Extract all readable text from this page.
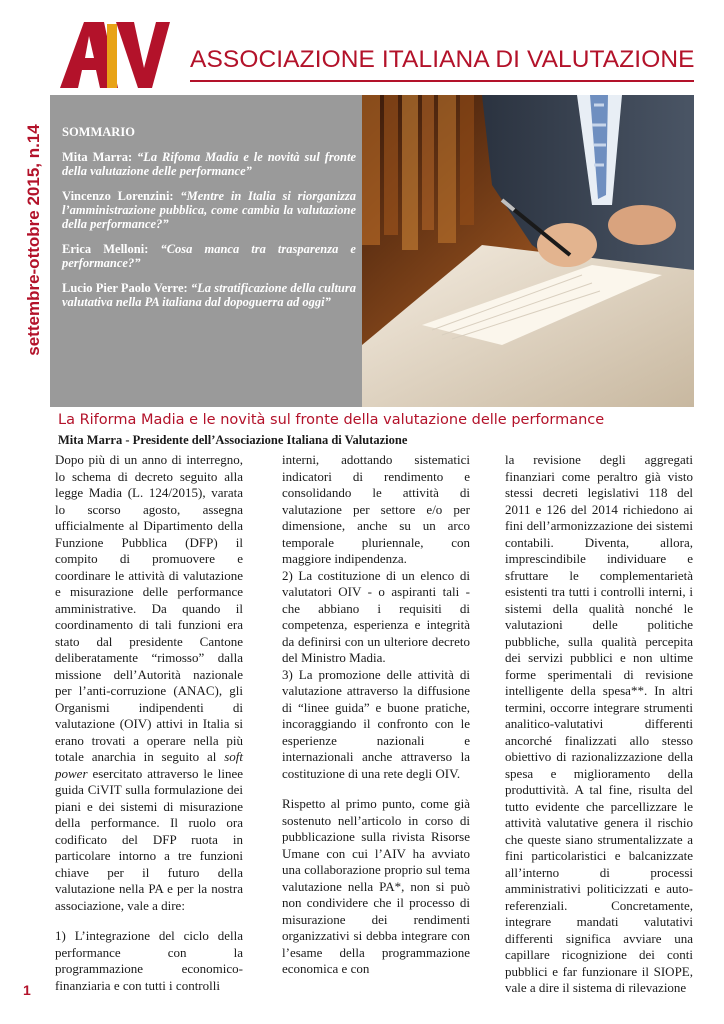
ASSOCIAZIONE ITALIANA DI VALUTAZIONE
settembre-ottobre 2015, n.14 SOMMARIO
Mita Marra: “La Rifoma Madia e le novità sul fronte della valutazione delle performance”
Vincenzo Lorenzini: “Mentre in Italia si riorganizza l’amministrazione pubblica, come cambia la valutazione della performance?”
Erica Melloni: “Cosa manca tra trasparenza e performance?”
Lucio Pier Paolo Verre: “La stratificazione della cultura valutativa nella PA italiana dal dopoguerra ad oggi”
La Riforma Madia e le novità sul fronte della valutazione delle performance
Mita Marra - Presidente dell’Associazione Italiana di Valutazione

Dopo più di un anno di interregno, lo schema di decreto seguito alla legge Madia (L. 124/2015), varata lo scorso agosto, assegna ufficialmente al Dipartimento della Funzione Pubblica (DFP) il compito di promuovere e coordinare le attività di valutazione e misurazione delle performance amministrative. Da quando il coordinamento di tali funzioni era stato dal presidente Cantone deliberatamente “rimosso” dalla missione dell’Autorità nazionale per l’anti-corruzione (ANAC), gli Organismi indipendenti di valutazione (OIV) attivi in Italia si erano trovati a operare nella più totale anarchia in seguito al soft power esercitato attraverso le linee guida CiVIT sulla formulazione dei piani e dei sistemi di misurazione della performance. Il ruolo ora codificato del DFP ruota in particolare intorno a tre funzioni chiave per il futuro della valutazione nella PA e per la nostra associazione, vale a dire:

1) L’integrazione del ciclo della performance con la programmazione economico-finanziaria e con tutti i controlli

interni, adottando sistematici indicatori di rendimento e consolidando le attività di valutazione per settore e/o per dimensione, anche su un arco temporale pluriennale, con maggiore indipendenza.

2) La costituzione di un elenco di valutatori OIV - o aspiranti tali - che abbiano i requisiti di competenza, esperienza e integrità da definirsi con un ulteriore decreto del Ministro Madia.

3) La promozione delle attività di valutazione attraverso la diffusione di “linee guida” e buone pratiche, incoraggiando il confronto con le esperienze nazionali e internazionali anche attraverso la costituzione di una rete degli OIV.

Rispetto al primo punto, come già sostenuto nell’articolo in corso di pubblicazione sulla rivista Risorse Umane con cui l’AIV ha avviato una collaborazione proprio sul tema valutazione nella PA*, non si può non condividere che il processo di misurazione dei rendimenti organizzativi si debba integrare con l’esame della programmazione economica e con

la revisione degli aggregati finanziari come peraltro già visto stessi decreti legislativi 118 del 2011 e 126 del 2014 richiedono ai fini dell’armonizzazione dei sistemi contabili. Diventa, allora, imprescindibile individuare e sfruttare le complementarietà esistenti tra tutti i controlli interni, i sistemi della qualità nonché le valutazioni delle politiche pubbliche, sulla qualità percepita dei servizi pubblici e non ultime forme sperimentali di revisione intelligente della spesa**. In altri termini, occorre integrare strumenti analitico-valutativi differenti ancorché finalizzati allo stesso obiettivo di razionalizzazione della spesa e miglioramento della produttività. A tal fine, risulta del tutto evidente che parcellizzare le attività valutative genera il rischio che queste siano strumentalizzate a fini particolaristici e balcanizzate all’interno di processi amministrativi politicizzati e auto-referenziali. Concretamente, integrare mandati valutativi differenti significa avviare una capillare ricognizione dei conti pubblici e far funzionare il SIOPE, vale a dire il sistema di rilevazione

1
